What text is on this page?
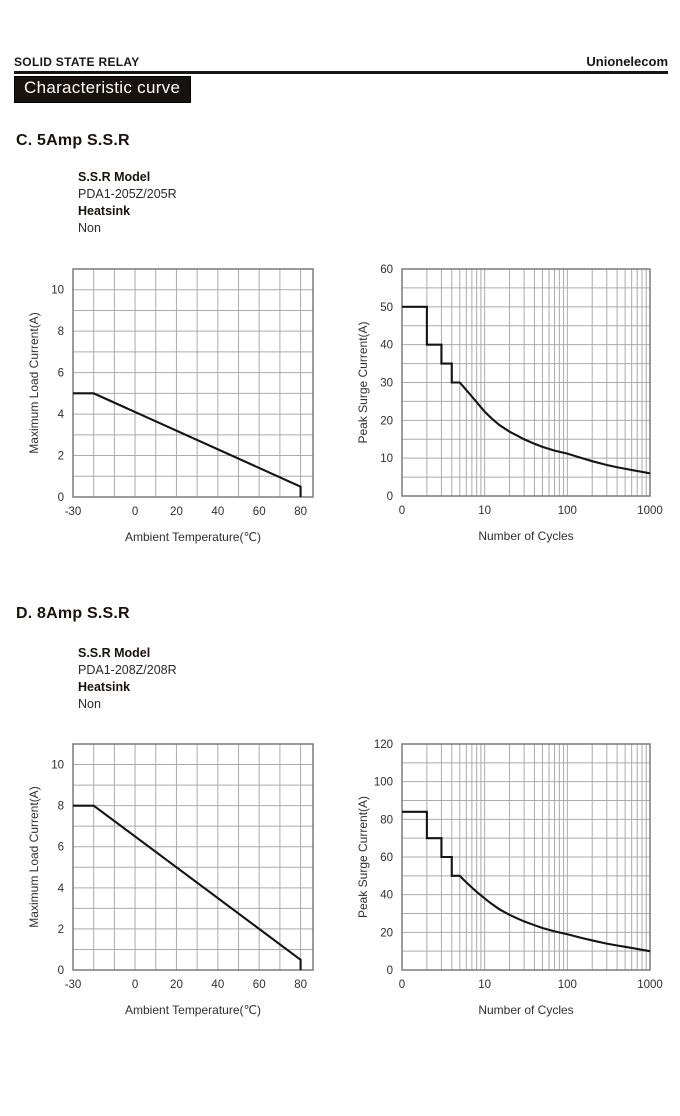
SOLID STATE RELAY	Unionelecom
Characteristic curve
C. 5Amp S.S.R
S.S.R Model
PDA1-205Z/205R
Heatsink
Non
-30	0	20 40 60 80
0
2
4
6
8
10
Ambient Temperature(℃)
Maximum Load Current(A)
0	10	100	1000
0
10
20
30
40
50
60
Number of Cycles
Peak Surge Current(A)
D. 8Amp S.S.R
S.S.R Model
PDA1-208Z/208R
Heatsink
Non
-30	0	20 40 60 80
0
2
4
6
8
10
Ambient Temperature(℃)
Maximum Load Current(A)
0	10	100	1000
0
20
40
60
80
100
120
Number of Cycles
Peak Surge Current(A)
